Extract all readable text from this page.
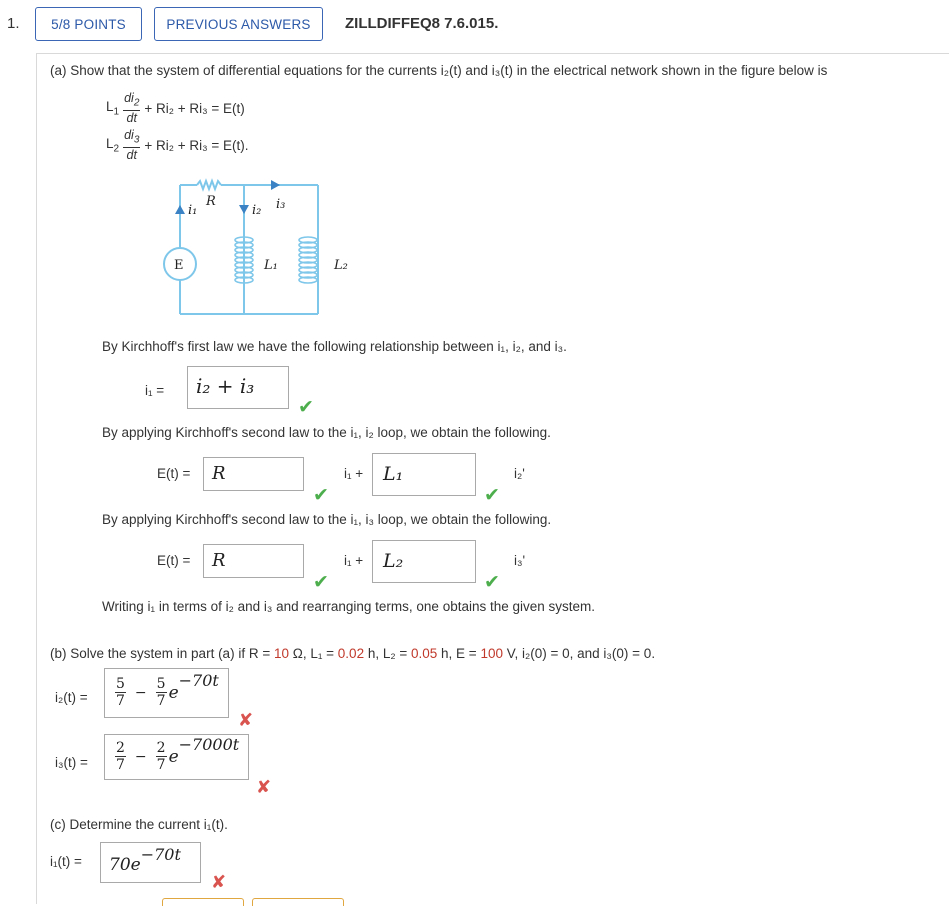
1.	5/8 POINTS	PREVIOUS ANSWERS	ZILLDIFFEQ8 7.6.015.
(a) Show that the system of differential equations for the currents i₂(t) and i₃(t) in the electrical network shown in the figure below is
$L_1 \frac{di_2}{dt} + Ri_2 + Ri_3 = E(t)$
$L_2 \frac{di_3}{dt} + Ri_2 + Ri_3 = E(t)$.
i₁
R
i₂ i₃
E	L₁	L₂
By Kirchhoff's first law we have the following relationship between i₁, i₂, and i₃.
i₁ = i₂ + i₃
✔
By applying Kirchhoff's second law to the i₁, i₂ loop, we obtain the following.
E(t) = R
✔
i₁ + L₁
✔
i₂'
By applying Kirchhoff's second law to the i₁, i₃ loop, we obtain the following.
E(t) = R
✔
i₁ + L₂
✔
i₃'
Writing i₁ in terms of i₂ and i₃ and rearranging terms, one obtains the given system.
(b) Solve the system in part (a) if R = 10 Ω, L₁ = 0.02 h, L₂ = 0.05 h, E = 100 V, i₂(0) = 0, and i₃(0) = 0.
$i_2(t) = \frac{5}{7} - \frac{5}{7}$ e
−70t
✘
$i_3(t) = \frac{2}{7} - \frac{2}{7}$ e
−7000t
✘
(c) Determine the current i₁(t).
i₁(t) = 70e
−70t
✘
